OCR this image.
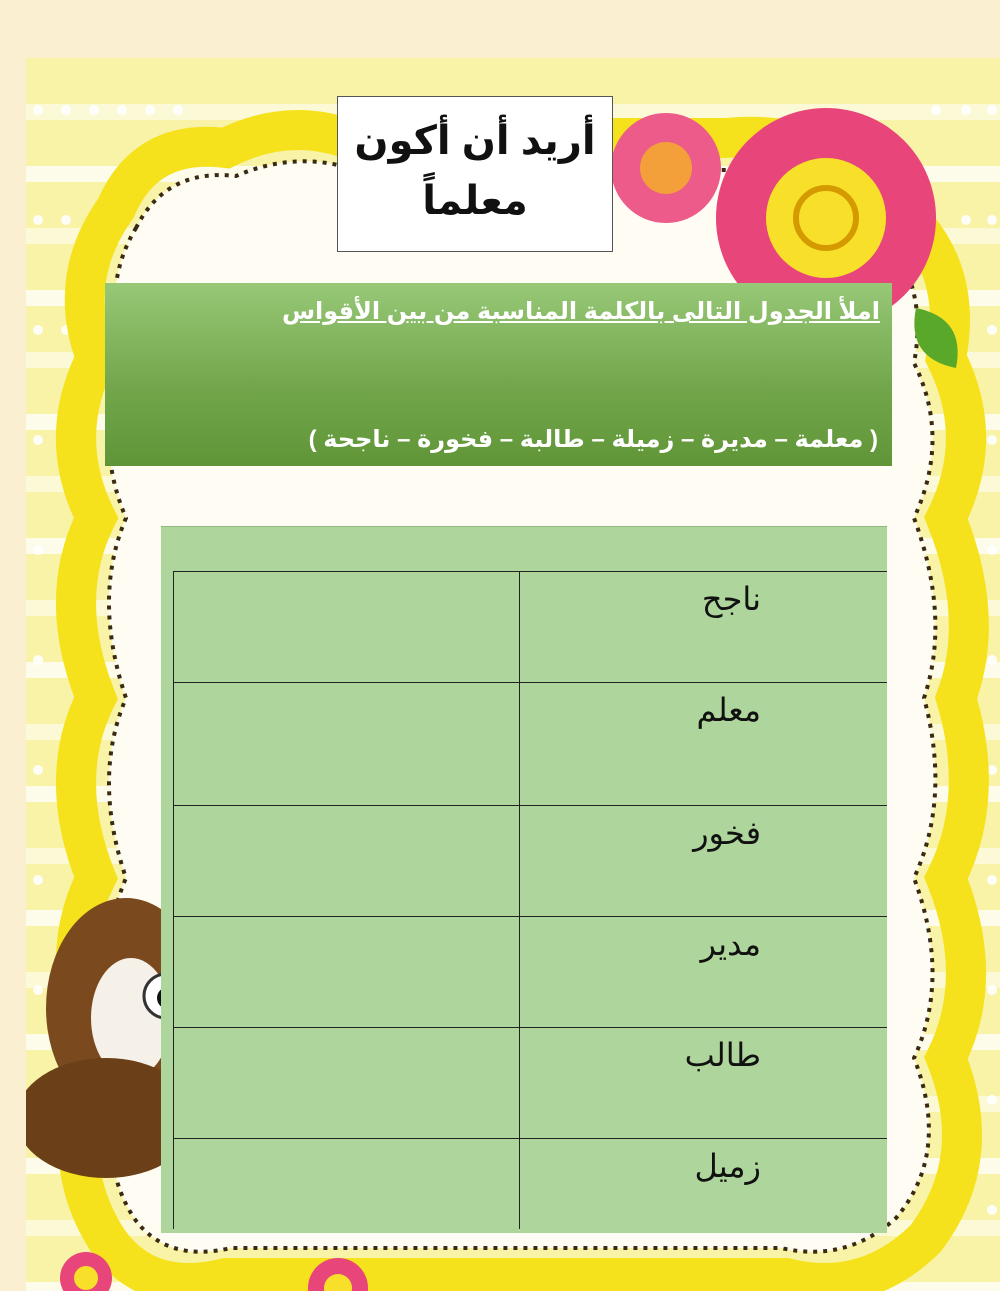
أريد أن أكون
معلماً
املأ الجدول التالى بالكلمة المناسبة من بين الأقواس
( معلمة – مديرة – زميلة – طالبة – فخورة – ناجحة )
ناجح	

معلم	

فخور	

مدير	

طالب	

زميل	
